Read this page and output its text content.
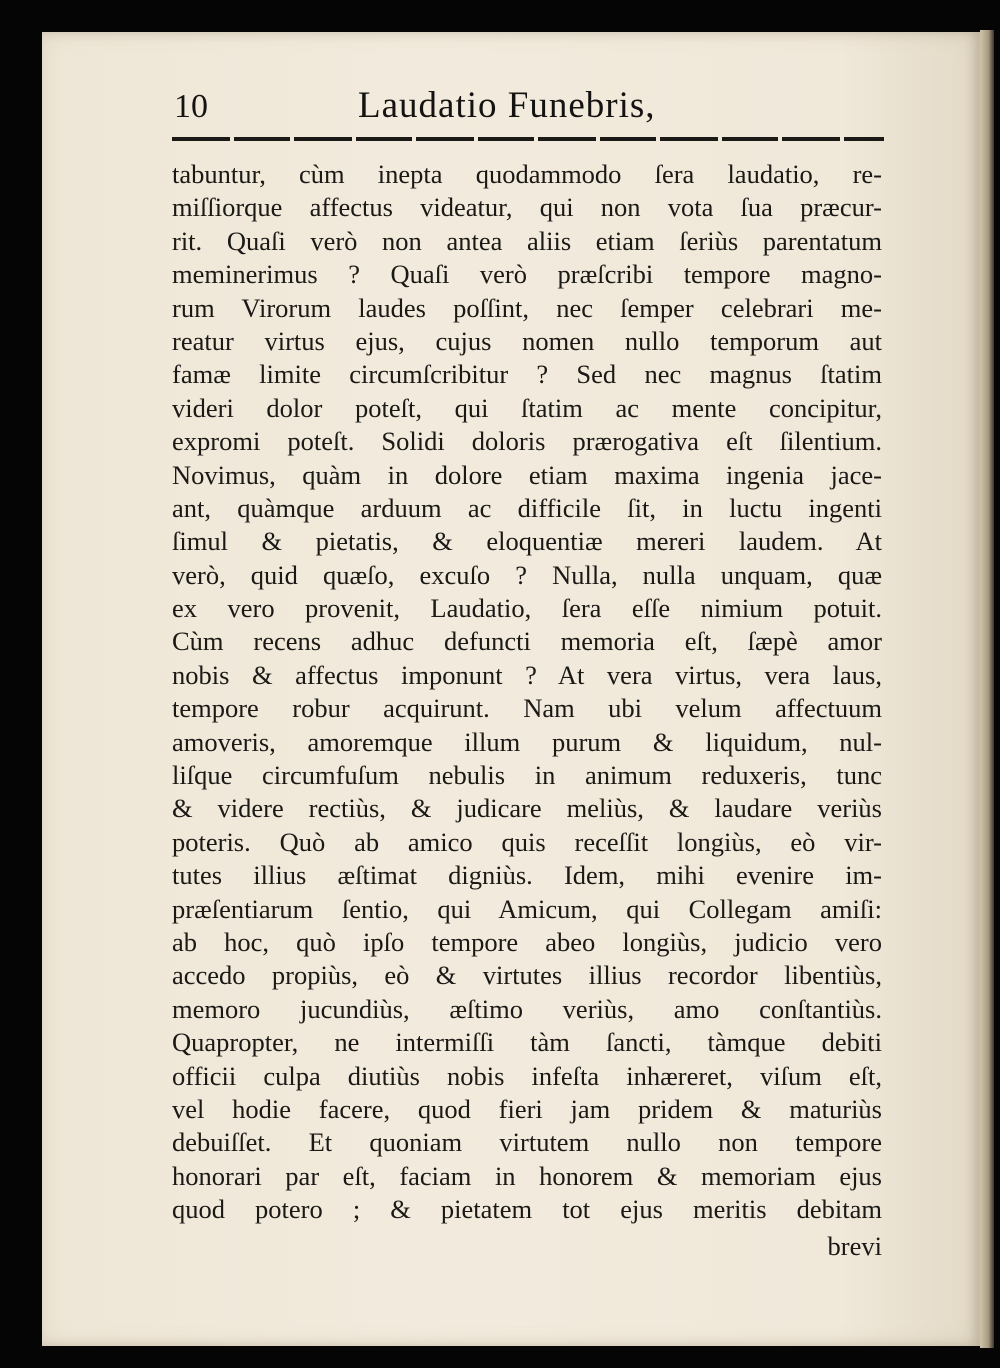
10	Laudatio Funebris,
tabuntur, cùm inepta quodammodo ſera laudatio, re-
miſſiorque affectus videatur, qui non vota ſua præcur-
rit. Quaſi verò non antea aliis etiam ſeriùs parentatum
meminerimus ? Quaſi verò præſcribi tempore magno-
rum Virorum laudes poſſint, nec ſemper celebrari me-
reatur virtus ejus, cujus nomen nullo temporum aut
famæ limite circumſcribitur ? Sed nec magnus ſtatim
videri dolor poteſt, qui ſtatim ac mente concipitur,
expromi poteſt. Solidi doloris prærogativa eſt ſilentium.
Novimus, quàm in dolore etiam maxima ingenia jace-
ant, quàmque arduum ac difficile ſit, in luctu ingenti
ſimul & pietatis, & eloquentiæ mereri laudem. At
verò, quid quæſo, excuſo ? Nulla, nulla unquam, quæ
ex vero provenit, Laudatio, ſera eſſe nimium potuit.
Cùm recens adhuc defuncti memoria eſt, ſæpè amor
nobis & affectus imponunt ? At vera virtus, vera laus,
tempore robur acquirunt. Nam ubi velum affectuum
amoveris, amoremque illum purum & liquidum, nul-
liſque circumfuſum nebulis in animum reduxeris, tunc
& videre rectiùs, & judicare meliùs, & laudare veriùs
poteris. Quò ab amico quis receſſit longiùs, eò vir-
tutes illius æſtimat digniùs. Idem, mihi evenire im-
præſentiarum ſentio, qui Amicum, qui Collegam amiſi:
ab hoc, quò ipſo tempore abeo longiùs, judicio vero
accedo propiùs, eò & virtutes illius recordor libentiùs,
memoro jucundiùs, æſtimo veriùs, amo conſtantiùs.
Quapropter, ne intermiſſi tàm ſancti, tàmque debiti
officii culpa diutiùs nobis infeſta inhæreret, viſum eſt,
vel hodie facere, quod fieri jam pridem & maturiùs
debuiſſet. Et quoniam virtutem nullo non tempore
honorari par eſt, faciam in honorem & memoriam ejus
quod potero ; & pietatem tot ejus meritis debitam
brevi
